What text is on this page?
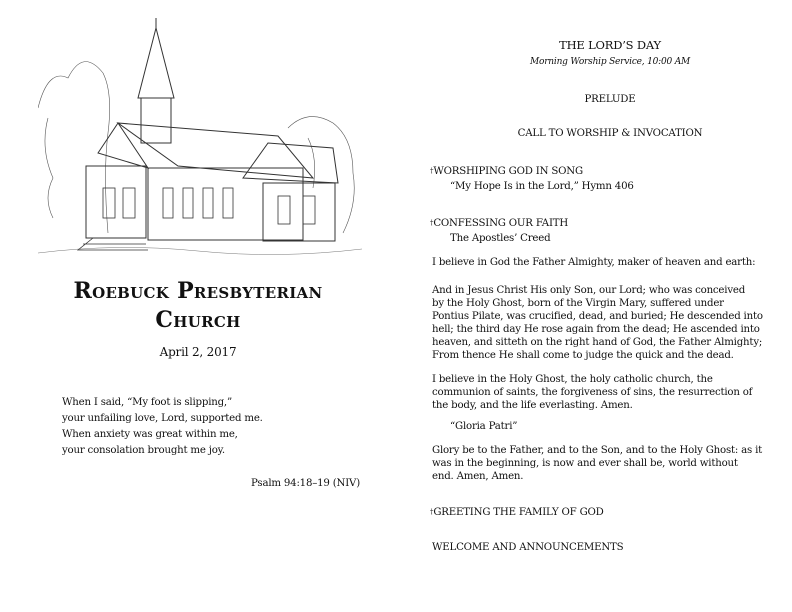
Roebuck Presbyterian
Church
April 2, 2017
When I said, “My foot is slipping,”
your unfailing love, Lord, supported me.
When anxiety was great within me,
your consolation brought me joy.
Psalm 94:18–19 (NIV)
THE LORD’S DAY
Morning Worship Service, 10:00 AM
PRELUDE
CALL TO WORSHIP & INVOCATION
†WORSHIPING GOD IN SONG
“My Hope Is in the Lord,” Hymn 406
†CONFESSING OUR FAITH
The Apostles’ Creed
I believe in God the Father Almighty, maker of heaven and earth:
And in Jesus Christ His only Son, our Lord; who was conceived
by the Holy Ghost, born of the Virgin Mary, suffered under
Pontius Pilate, was crucified, dead, and buried; He descended into
hell; the third day He rose again from the dead; He ascended into
heaven, and sitteth on the right hand of God, the Father Almighty;
From thence He shall come to judge the quick and the dead.
I believe in the Holy Ghost, the holy catholic church, the
communion of saints, the forgiveness of sins, the resurrection of
the body, and the life everlasting. Amen.
“Gloria Patri”
Glory be to the Father, and to the Son, and to the Holy Ghost: as it
was in the beginning, is now and ever shall be, world without
end. Amen, Amen.
†GREETING THE FAMILY OF GOD
WELCOME AND ANNOUNCEMENTS
